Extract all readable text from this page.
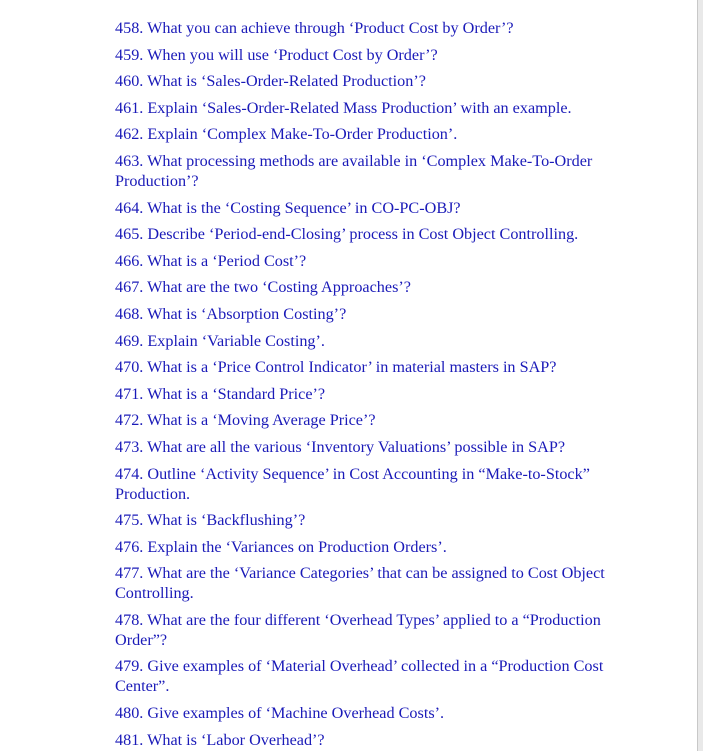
458. What you can achieve through ‘Product Cost by Order’?
459. When you will use ‘Product Cost by Order’?
460. What is ‘Sales-Order-Related Production’?
461. Explain ‘Sales-Order-Related Mass Production’ with an example.
462. Explain ‘Complex Make-To-Order Production’.
463. What processing methods are available in ‘Complex Make-To-Order Production’?
464. What is the ‘Costing Sequence’ in CO-PC-OBJ?
465. Describe ‘Period-end-Closing’ process in Cost Object Controlling.
466. What is a ‘Period Cost’?
467. What are the two ‘Costing Approaches’?
468. What is ‘Absorption Costing’?
469. Explain ‘Variable Costing’.
470. What is a ‘Price Control Indicator’ in material masters in SAP?
471. What is a ‘Standard Price’?
472. What is a ‘Moving Average Price’?
473. What are all the various ‘Inventory Valuations’ possible in SAP?
474. Outline ‘Activity Sequence’ in Cost Accounting in “Make-to-Stock” Production.
475. What is ‘Backflushing’?
476. Explain the ‘Variances on Production Orders’.
477. What are the ‘Variance Categories’ that can be assigned to Cost Object Controlling.
478. What are the four different ‘Overhead Types’ applied to a “Production Order”?
479. Give examples of ‘Material Overhead’ collected in a “Production Cost Center”.
480. Give examples of ‘Machine Overhead Costs’.
481. What is ‘Labor Overhead’?
